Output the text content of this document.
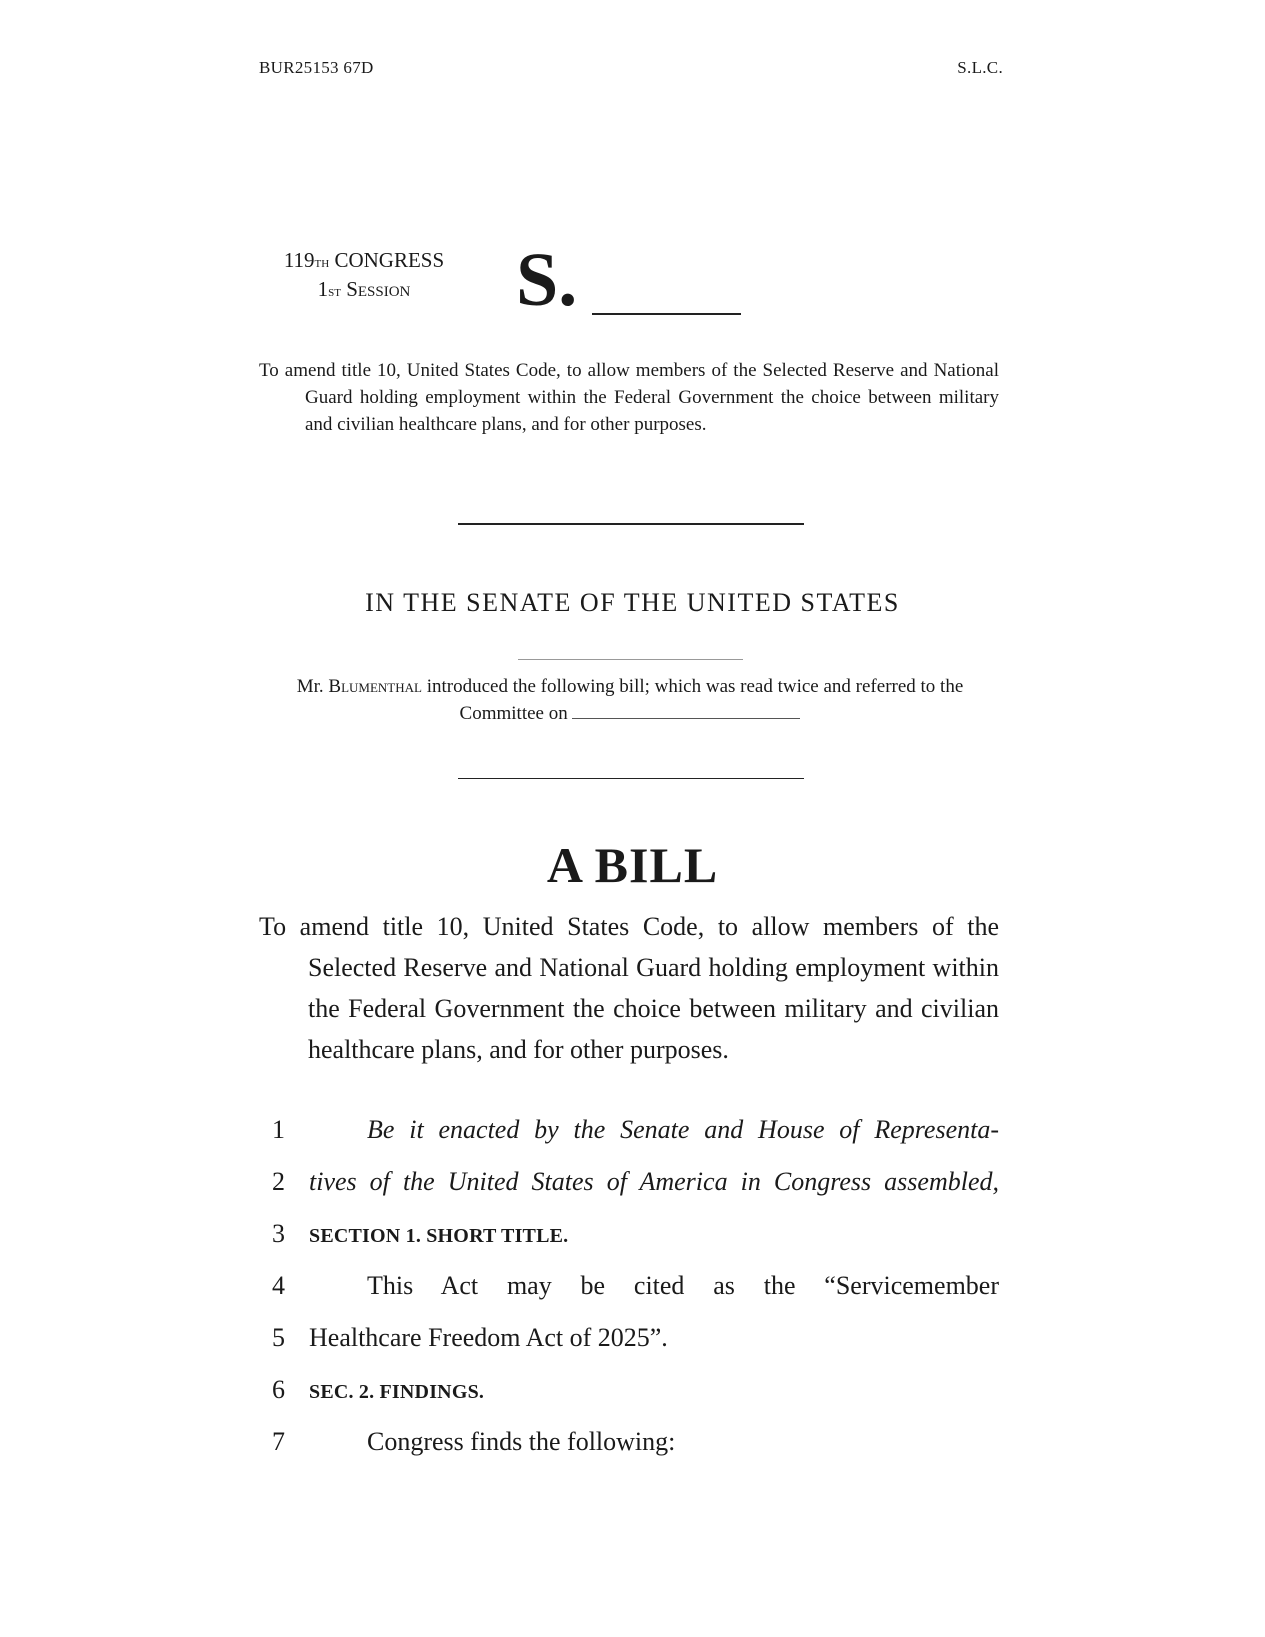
BUR25153 67D	S.L.C.
119th CONGRESS
1st Session	S.
To amend title 10, United States Code, to allow members of the Selected Reserve and National Guard holding employment within the Federal Government the choice between military and civilian healthcare plans, and for other purposes.
IN THE SENATE OF THE UNITED STATES
Mr. Blumenthal introduced the following bill; which was read twice and referred to the Committee on
A BILL
To amend title 10, United States Code, to allow members of the Selected Reserve and National Guard holding employment within the Federal Government the choice between military and civilian healthcare plans, and for other purposes.
1	Be it enacted by the Senate and House of Representa-
2 tives of the United States of America in Congress assembled,
3	SECTION 1. SHORT TITLE.
4	This Act may be cited as the “Servicemember
5 Healthcare Freedom Act of 2025”.
6	SEC. 2. FINDINGS.
7	Congress finds the following:
